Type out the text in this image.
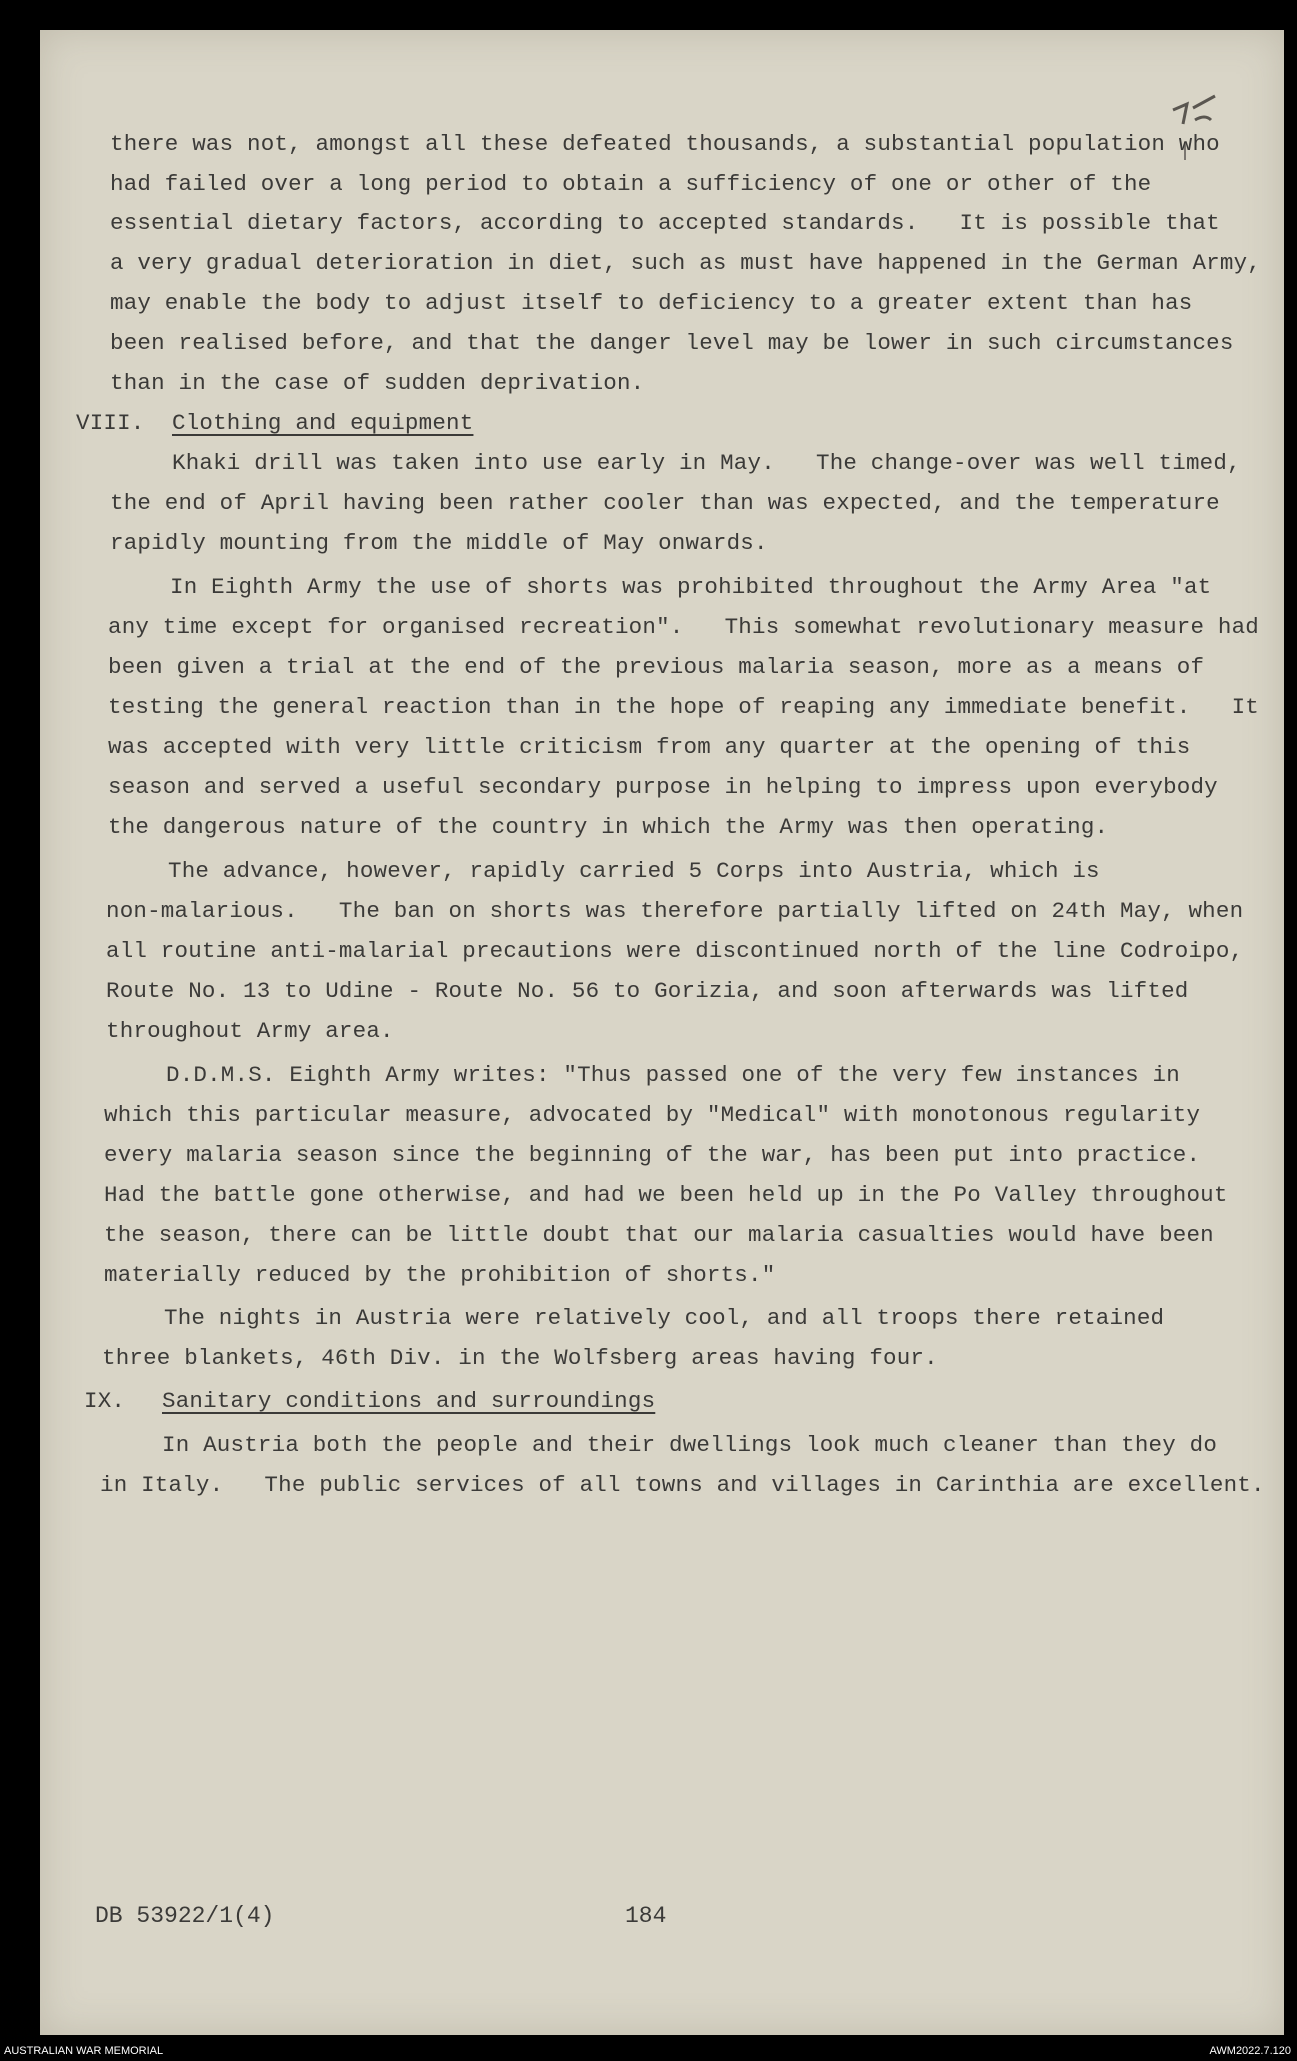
there was not, amongst all these defeated thousands, a substantial population who
had failed over a long period to obtain a sufficiency of one or other of the
essential dietary factors, according to accepted standards.   It is possible that
a very gradual deterioration in diet, such as must have happened in the German Army,
may enable the body to adjust itself to deficiency to a greater extent than has
been realised before, and that the danger level may be lower in such circumstances
than in the case of sudden deprivation.
VIII. Clothing and equipment
Khaki drill was taken into use early in May.   The change-over was well timed,
the end of April having been rather cooler than was expected, and the temperature
rapidly mounting from the middle of May onwards.
In Eighth Army the use of shorts was prohibited throughout the Army Area "at
any time except for organised recreation".   This somewhat revolutionary measure had
been given a trial at the end of the previous malaria season, more as a means of
testing the general reaction than in the hope of reaping any immediate benefit.   It
was accepted with very little criticism from any quarter at the opening of this
season and served a useful secondary purpose in helping to impress upon everybody
the dangerous nature of the country in which the Army was then operating.
The advance, however, rapidly carried 5 Corps into Austria, which is
non-malarious.   The ban on shorts was therefore partially lifted on 24th May, when
all routine anti-malarial precautions were discontinued north of the line Codroipo,
Route No. 13 to Udine - Route No. 56 to Gorizia, and soon afterwards was lifted
throughout Army area.
D.D.M.S. Eighth Army writes: "Thus passed one of the very few instances in
which this particular measure, advocated by "Medical" with monotonous regularity
every malaria season since the beginning of the war, has been put into practice.
Had the battle gone otherwise, and had we been held up in the Po Valley throughout
the season, there can be little doubt that our malaria casualties would have been
materially reduced by the prohibition of shorts."
The nights in Austria were relatively cool, and all troops there retained
three blankets, 46th Div. in the Wolfsberg areas having four.
IX. Sanitary conditions and surroundings
In Austria both the people and their dwellings look much cleaner than they do
in Italy.   The public services of all towns and villages in Carinthia are excellent.
DB 53922/1(4)	184
AUSTRALIAN WAR MEMORIAL	AWM2022.7.120
